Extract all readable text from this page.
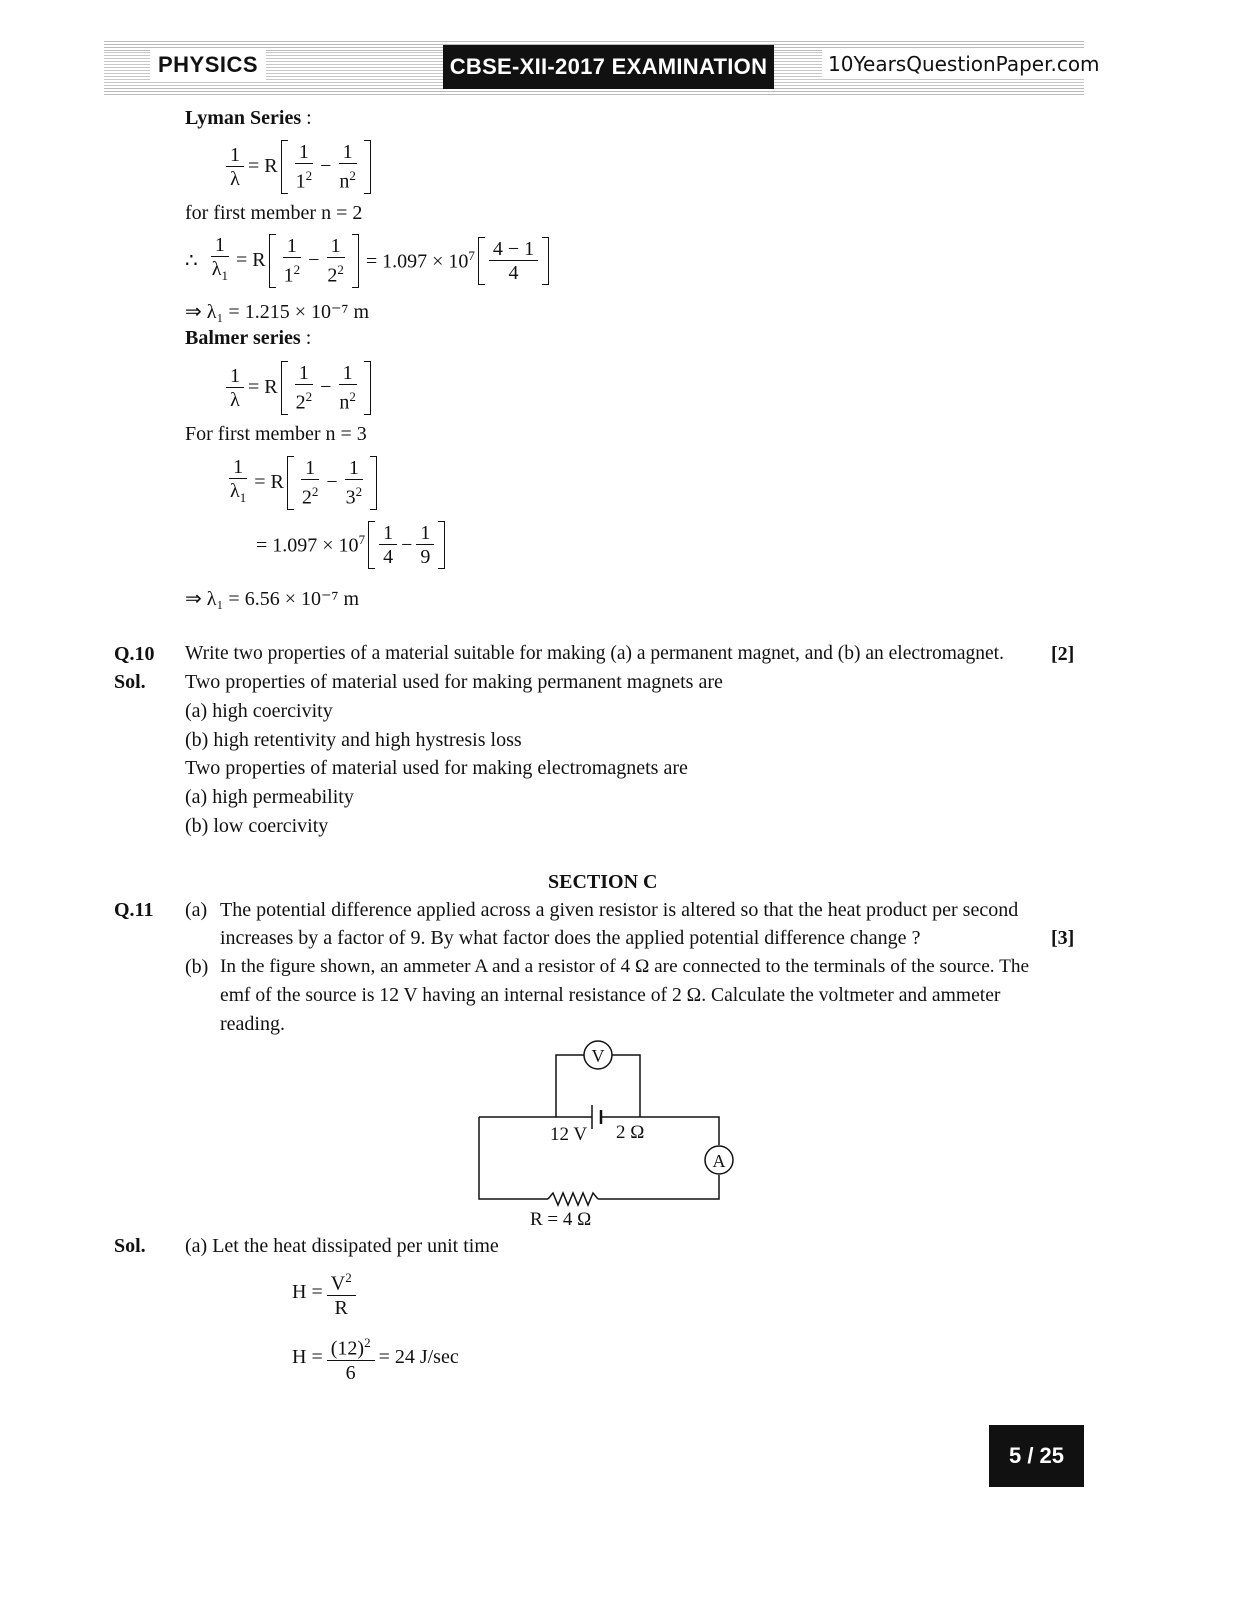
PHYSICS	CBSE-XII-2017 EXAMINATION	10YearsQuestionPaper.com
Lyman Series :
$\frac{1}{\lambda} = R \frac{1}{1^2} - \frac{1}{n^2}$
for first member n = 2
∴ $\frac{1}{\lambda_1} = R \frac{1}{1^2} - \frac{1}{2^2} = 1.097 \times 10^7 \frac{4 - 1}{4}$
⇒ λ₁ = 1.215 × 10⁻⁷ m
Balmer series :
$\frac{1}{\lambda} = R \frac{1}{2^2} - \frac{1}{n^2}$
For first member n = 3
$\frac{1}{\lambda_1} = R \frac{1}{2^2} - \frac{1}{3^2}$
= $1.097 \times 10^7 \frac{1}{4} - \frac{1}{9}$
⇒ λ₁ = 6.56 × 10⁻⁷ m
Q.10 Write two properties of a material suitable for making (a) a permanent magnet, and (b) an electromagnet. [2]
Sol. Two properties of material used for making permanent magnets are
(a) high coercivity
(b) high retentivity and high hystresis loss
Two properties of material used for making electromagnets are
(a) high permeability
(b) low coercivity
SECTION C
Q.11 (a) The potential difference applied across a given resistor is altered so that the heat product per second
increases by a factor of 9. By what factor does the applied potential difference change ?	[3]
(b) In the figure shown, an ammeter A and a resistor of 4 Ω are connected to the terminals of the source. The
emf of the source is 12 V having an internal resistance of 2 Ω. Calculate the voltmeter and ammeter
reading.
V
A
12 V 2 Ω
R = 4 Ω
Sol. (a) Let the heat dissipated per unit time
$H = \frac{V^2}{R}$
$H = \frac{(12)^2}{6} = 24$ J/sec
5 / 25
